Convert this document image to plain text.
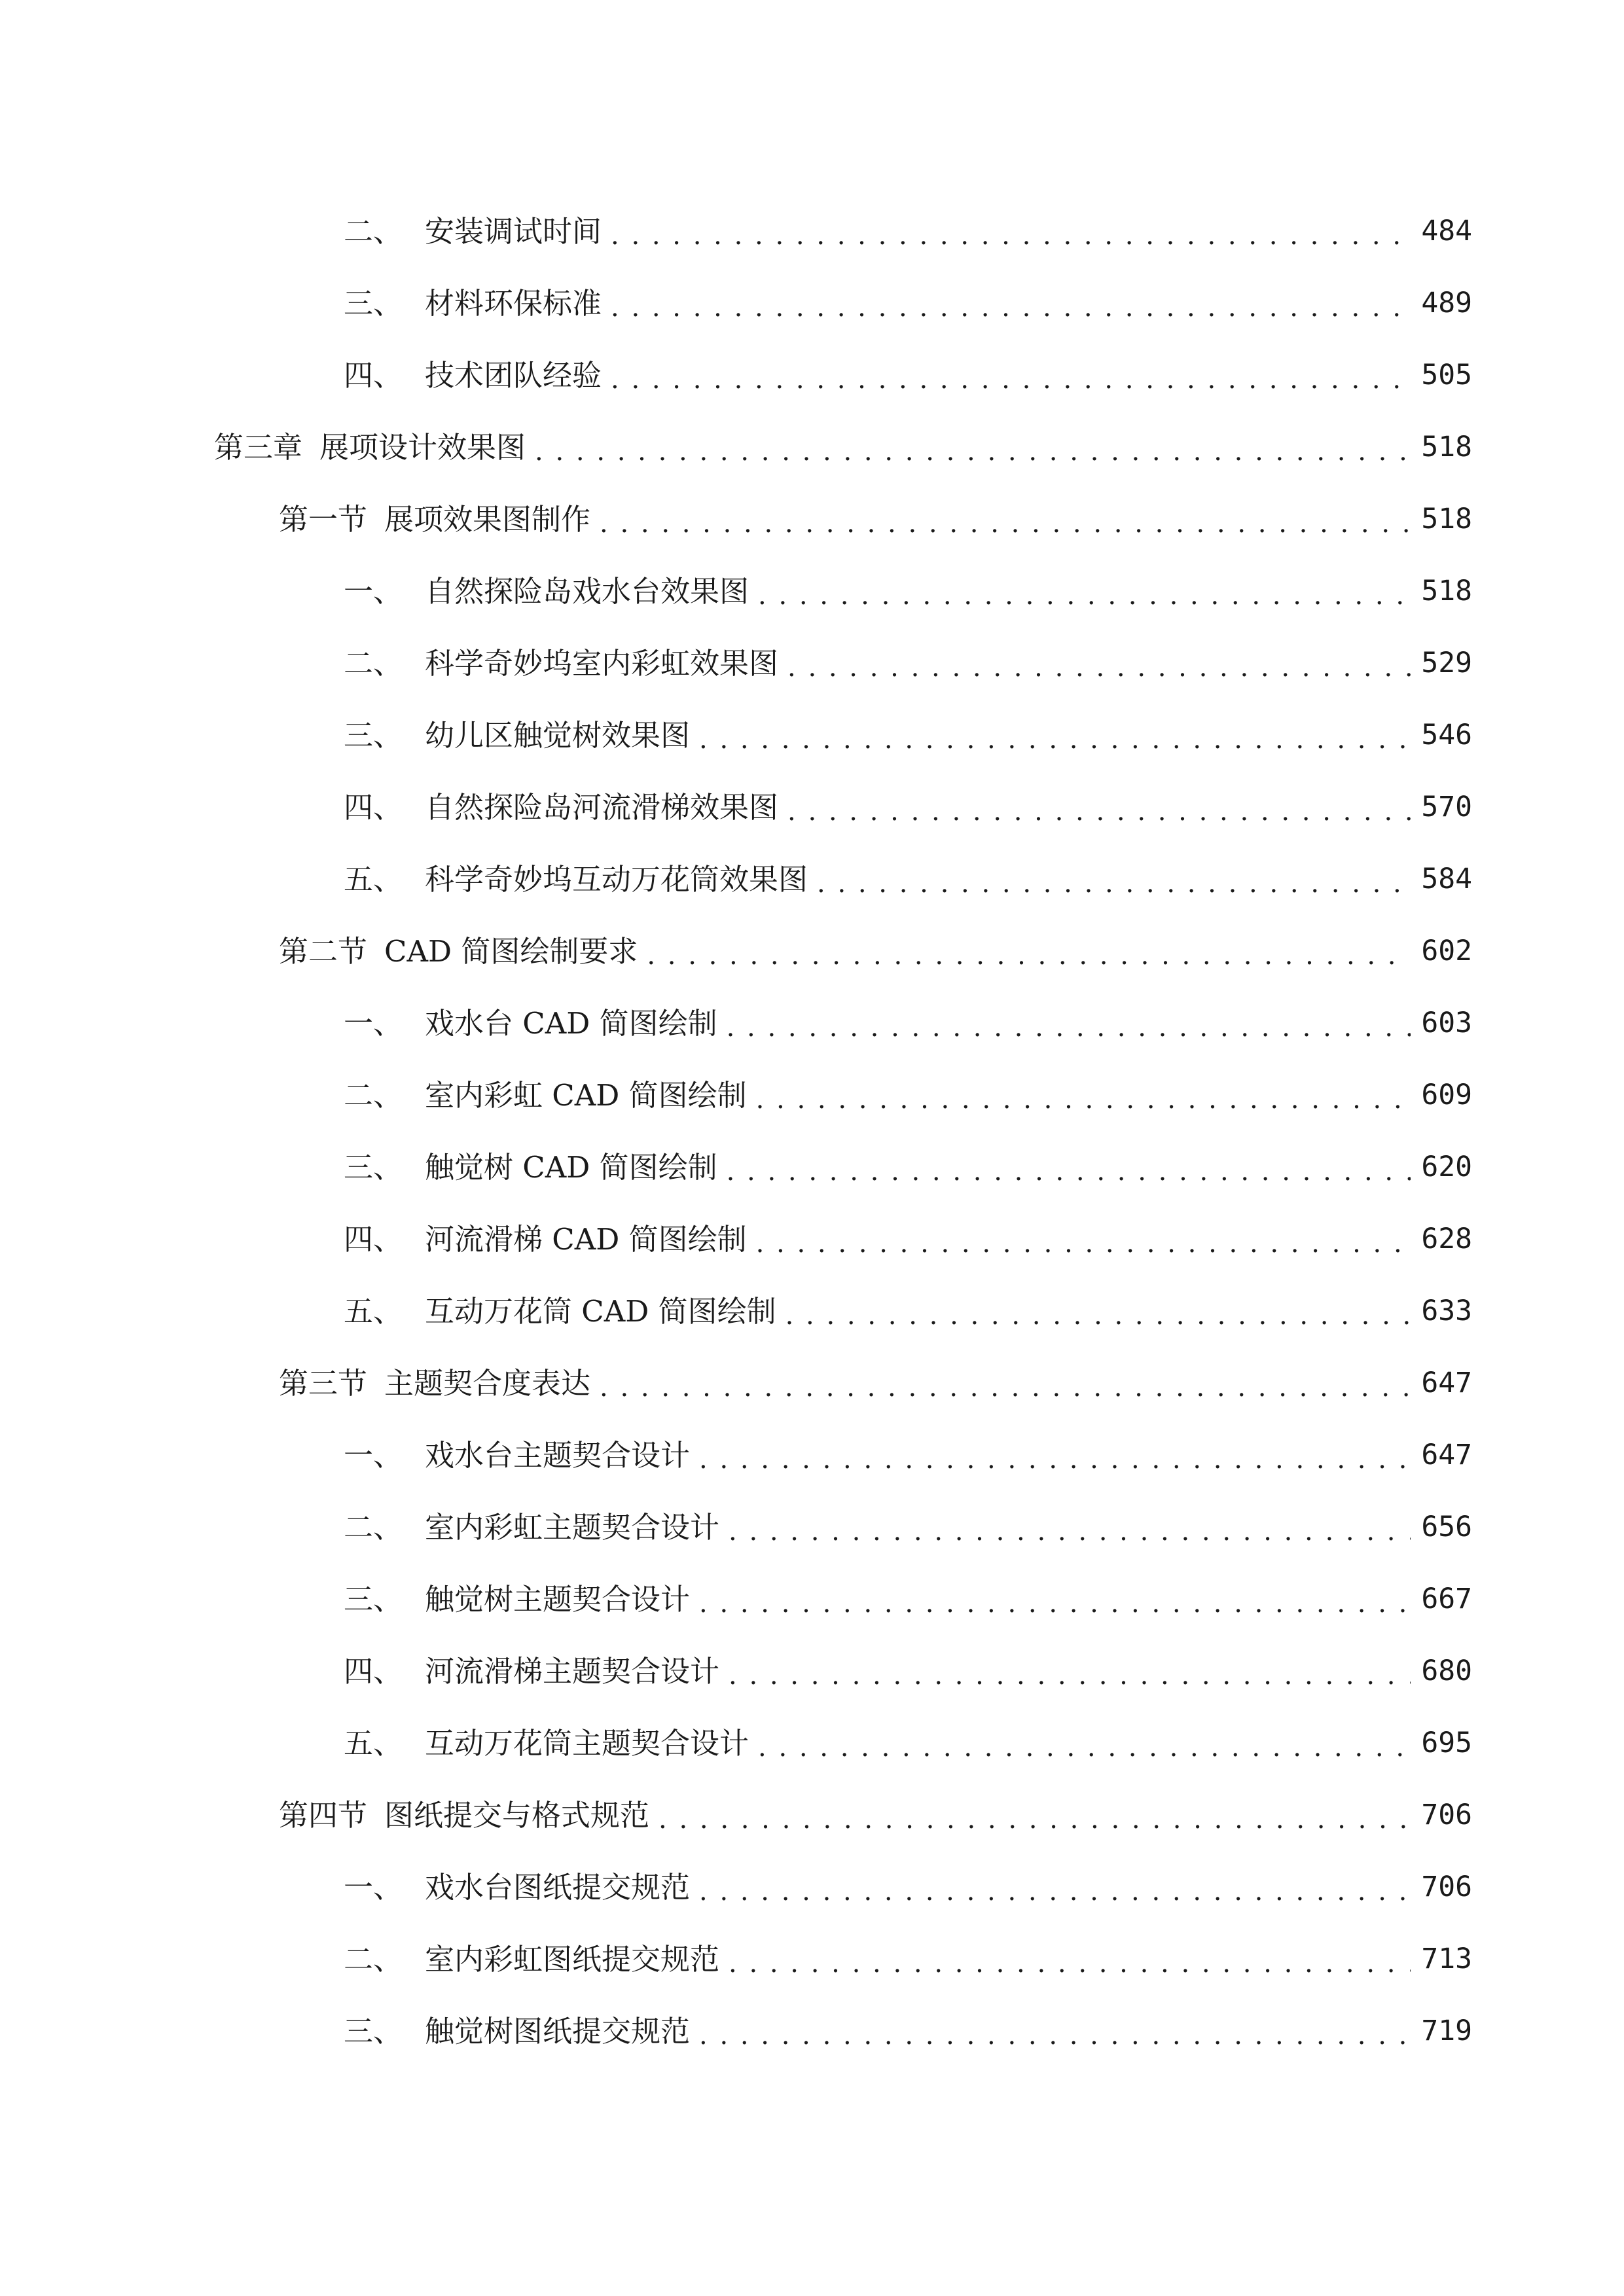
二、 安装调试时间 . . .	484
三、 材料环保标准 . . .	489
四、 技术团队经验 . . .	505
第三章 展项设计效果图 . . .	518
第一节 展项效果图制作 . . .	518
一、 自然探险岛戏水台效果图 . . .	518
二、 科学奇妙坞室内彩虹效果图 . . .	529
三、 幼儿区触觉树效果图 . . .	546
四、 自然探险岛河流滑梯效果图 . . .	570
五、 科学奇妙坞互动万花筒效果图 . . .	584
第二节 CAD 简图绘制要求 . . .	602
一、 戏水台 CAD 简图绘制 . . .	603
二、 室内彩虹 CAD 简图绘制 . . .	609
三、 触觉树 CAD 简图绘制 . . .	620
四、 河流滑梯 CAD 简图绘制 . . .	628
五、 互动万花筒 CAD 简图绘制 . . .	633
第三节 主题契合度表达 . . .	647
一、 戏水台主题契合设计 . . .	647
二、 室内彩虹主题契合设计 . . .	656
三、 触觉树主题契合设计 . . .	667
四、 河流滑梯主题契合设计 . . .	680
五、 互动万花筒主题契合设计 . . .	695
第四节 图纸提交与格式规范 . . .	706
一、 戏水台图纸提交规范 . . .	706
二、 室内彩虹图纸提交规范 . . .	713
三、 触觉树图纸提交规范 . . .	719
